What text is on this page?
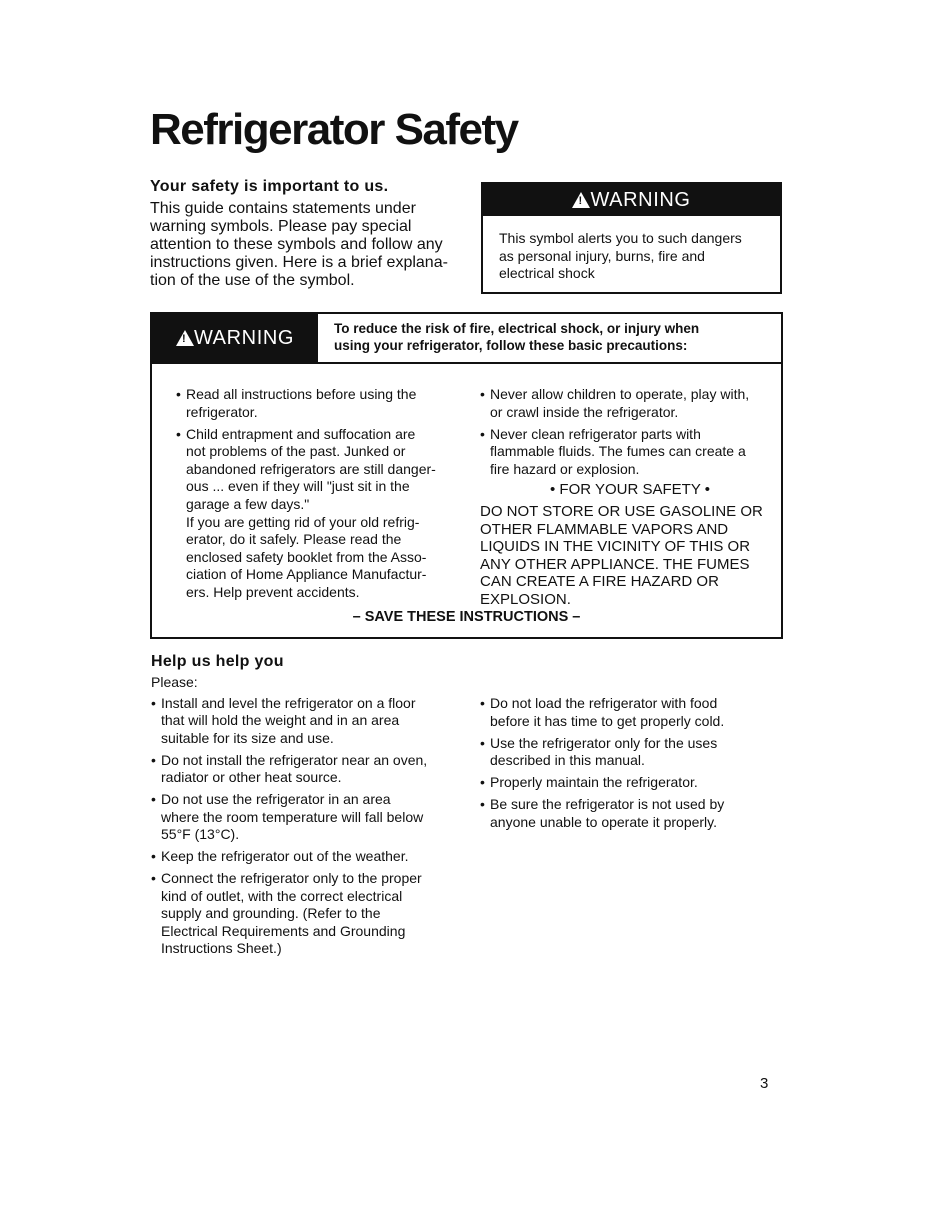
Refrigerator Safety

Your safety is important to us.

This guide contains statements under
warning symbols. Please pay special
attention to these symbols and follow any
instructions given. Here is a brief explana-
tion of the use of the symbol.
!
WARNING
This symbol alerts you to such dangers
as personal injury, burns, fire and
electrical shock
!
WARNING	To reduce the risk of fire, electrical shock, or injury when
using your refrigerator, follow these basic precautions:
• Read all instructions before using the
refrigerator.
• Child entrapment and suffocation are
not problems of the past. Junked or
abandoned refrigerators are still danger-
ous ... even if they will "just sit in the
garage a few days."
If you are getting rid of your old refrig-
erator, do it safely. Please read the
enclosed safety booklet from the Asso-
ciation of Home Appliance Manufactur-
ers. Help prevent accidents.
• Never allow children to operate, play with,
or crawl inside the refrigerator.
• Never clean refrigerator parts with
flammable fluids. The fumes can create a
fire hazard or explosion.
• FOR YOUR SAFETY •
DO NOT STORE OR USE GASOLINE OR
OTHER FLAMMABLE VAPORS AND
LIQUIDS IN THE VICINITY OF THIS OR
ANY OTHER APPLIANCE. THE FUMES
CAN CREATE A FIRE HAZARD OR
EXPLOSION.
– SAVE THESE INSTRUCTIONS –

Help us help you

Please:

• Install and level the refrigerator on a floor
that will hold the weight and in an area
suitable for its size and use.
• Do not install the refrigerator near an oven,
radiator or other heat source.
• Do not use the refrigerator in an area
where the room temperature will fall below
55°F (13°C).
• Keep the refrigerator out of the weather.
• Connect the refrigerator only to the proper
kind of outlet, with the correct electrical
supply and grounding. (Refer to the
Electrical Requirements and Grounding
Instructions Sheet.)
• Do not load the refrigerator with food
before it has time to get properly cold.
• Use the refrigerator only for the uses
described in this manual.
• Properly maintain the refrigerator.
• Be sure the refrigerator is not used by
anyone unable to operate it properly.
3
